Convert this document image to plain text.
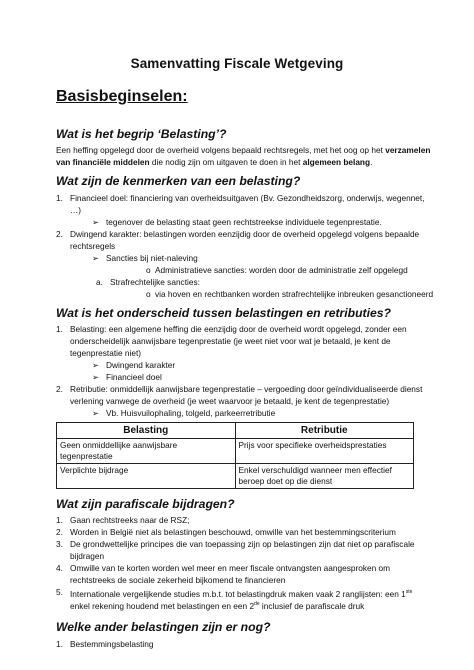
Samenvatting Fiscale Wetgeving
Basisbeginselen:
Wat is het begrip ‘Belasting’?
Een heffing opgelegd door de overheid volgens bepaald rechtsregels, met het oog op het verzamelen
van financiële middelen die nodig zijn om uitgaven te doen in het algemeen belang.
Wat zijn de kenmerken van een belasting?
1. Financieel doel: financiering van overheidsuitgaven (Bv. Gezondheidszorg, onderwijs, wegennet,
…)
➢ tegenover de belasting staat geen rechtstreekse individuele tegenprestatie.
2. Dwingend karakter: belastingen worden eenzijdig door de overheid opgelegd volgens bepaalde
rechtsregels
➢ Sancties bij niet-naleving
o Administratieve sancties: worden door de administratie zelf opgelegd
a. Strafrechtelijke sancties:
o via hoven en rechtbanken worden strafrechtelijke inbreuken gesanctioneerd
Wat is het onderscheid tussen belastingen en retributies?
1. Belasting: een algemene heffing die eenzijdig door de overheid wordt opgelegd, zonder een
onderscheidelijk aanwijsbare tegenprestatie (je weet niet voor wat je betaald, je kent de
tegenprestatie niet)
➢ Dwingend karakter
➢ Financieel doel
2. Retributie: onmiddellijk aanwijsbare tegenprestatie – vergoeding door geïndividualiseerde dienst
verlening vanwege de overheid (je weet waarvoor je betaald, je kent de tegenprestatie)
➢ Vb. Huisvuilophaling, tolgeld, parkeerretributie
Belasting	Retributie
Geen onmiddellijke aanwijsbare tegenprestatie	Prijs voor specifieke overheidsprestaties
Verplichte bijdrage	Enkel verschuldigd wanneer men effectief
beroep doet op die dienst
Wat zijn parafiscale bijdragen?
1. Gaan rechtstreeks naar de RSZ;
2. Worden in België niet als belastingen beschouwd, omwille van het bestemmingscriterium
3. De grondwettelijke principes die van toepassing zijn op belastingen zijn dat niet op parafiscale
bijdragen
4. Omwille van te korten worden wel meer en meer fiscale ontvangsten aangesproken om
rechtstreeks de sociale zekerheid bijkomend te financieren
5. Internationale vergelijkende studies m.b.t. tot belastingdruk maken vaak 2 ranglijsten: een 1ste
enkel rekening houdend met belastingen en een 2de inclusief de parafiscale druk
Welke ander belastingen zijn er nog?
1. Bestemmingsbelasting
